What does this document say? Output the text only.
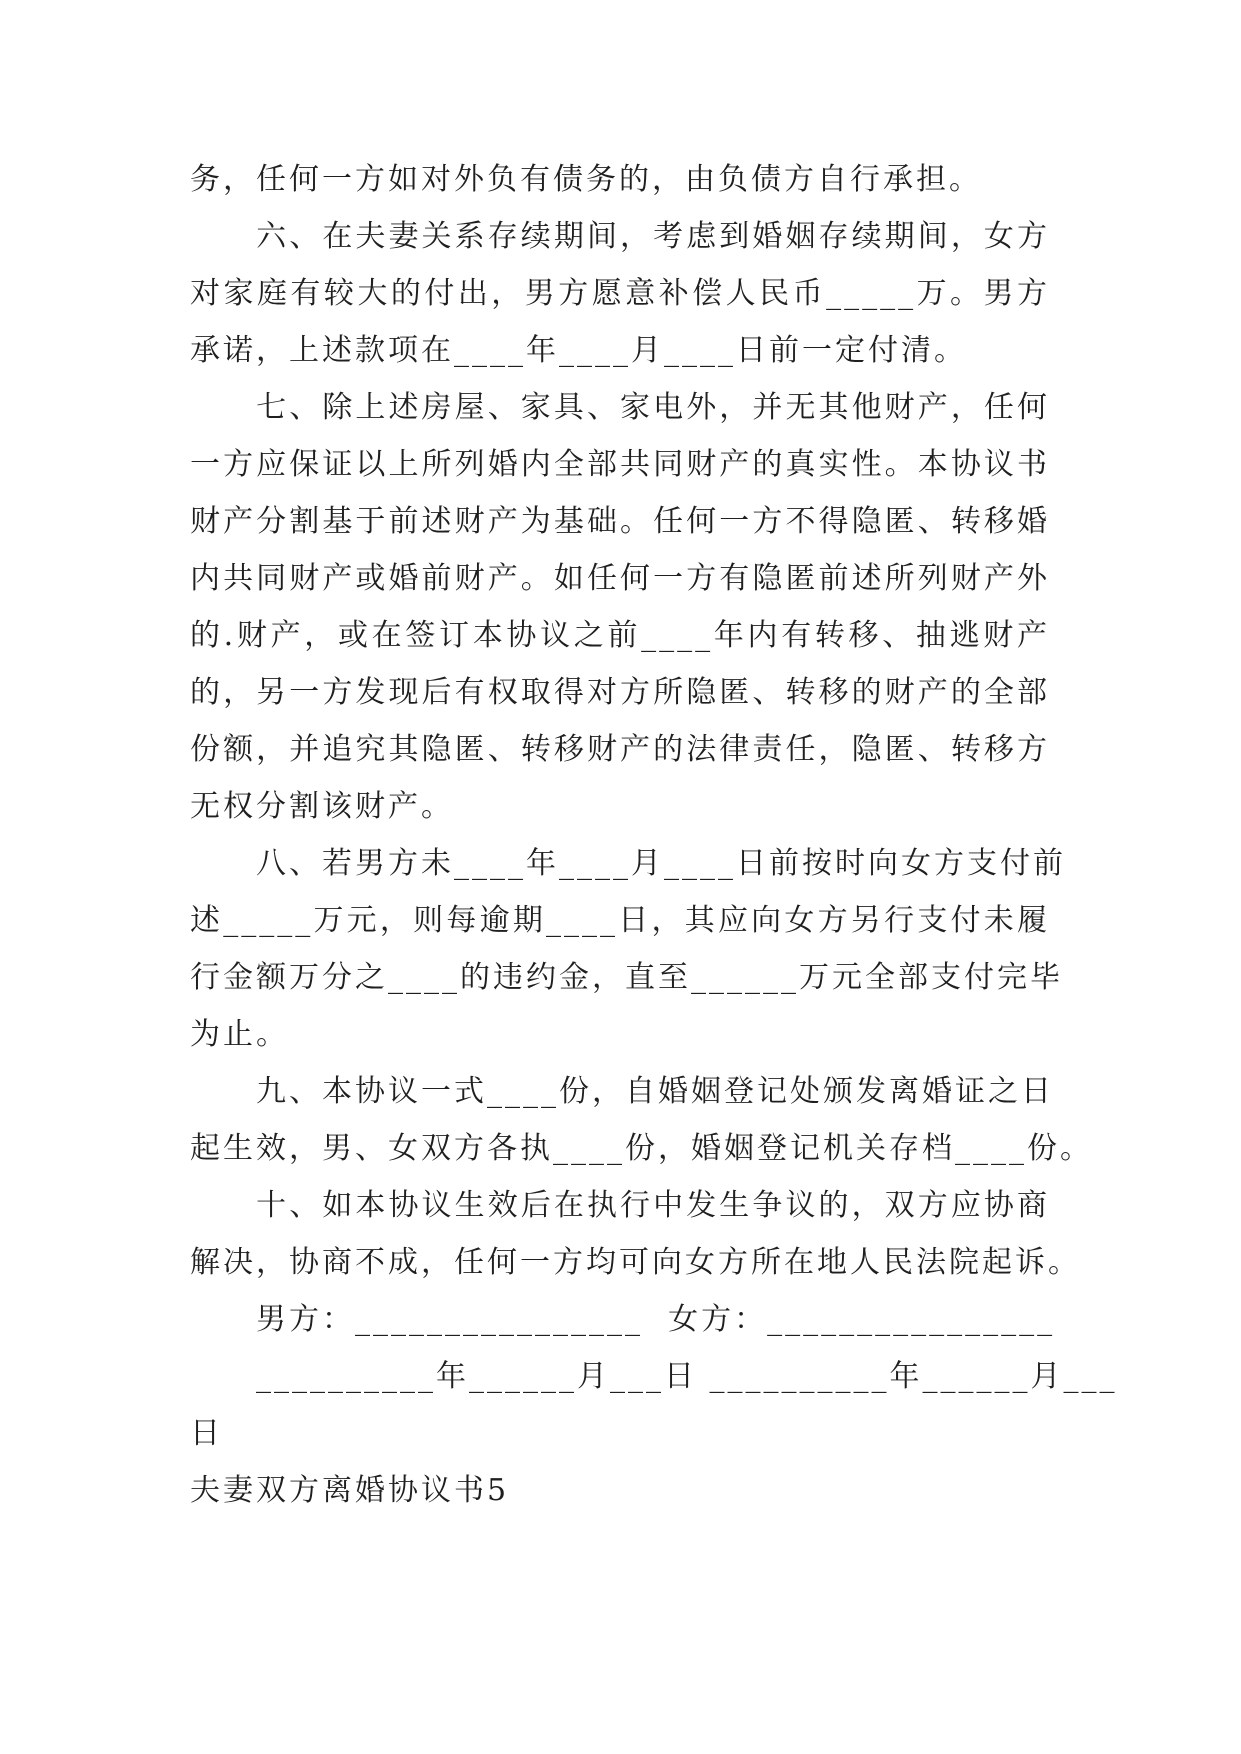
务，任何一方如对外负有债务的，由负债方自行承担。
　　六、在夫妻关系存续期间，考虑到婚姻存续期间，女方
对家庭有较大的付出，男方愿意补偿人民币_____万。男方
承诺，上述款项在____年____月____日前一定付清。
　　七、除上述房屋、家具、家电外，并无其他财产，任何
一方应保证以上所列婚内全部共同财产的真实性。本协议书
财产分割基于前述财产为基础。任何一方不得隐匿、转移婚
内共同财产或婚前财产。如任何一方有隐匿前述所列财产外
的.财产，或在签订本协议之前____年内有转移、抽逃财产
的，另一方发现后有权取得对方所隐匿、转移的财产的全部
份额，并追究其隐匿、转移财产的法律责任，隐匿、转移方
无权分割该财产。
　　八、若男方未____年____月____日前按时向女方支付前
述_____万元，则每逾期____日，其应向女方另行支付未履
行金额万分之____的违约金，直至______万元全部支付完毕
为止。
　　九、本协议一式____份，自婚姻登记处颁发离婚证之日
起生效，男、女双方各执____份，婚姻登记机关存档____份。
　　十、如本协议生效后在执行中发生争议的，双方应协商
解决，协商不成，任何一方均可向女方所在地人民法院起诉。
　　男方：________________  女方：________________
　　__________年______月___日 __________年______月___
日
夫妻双方离婚协议书5
